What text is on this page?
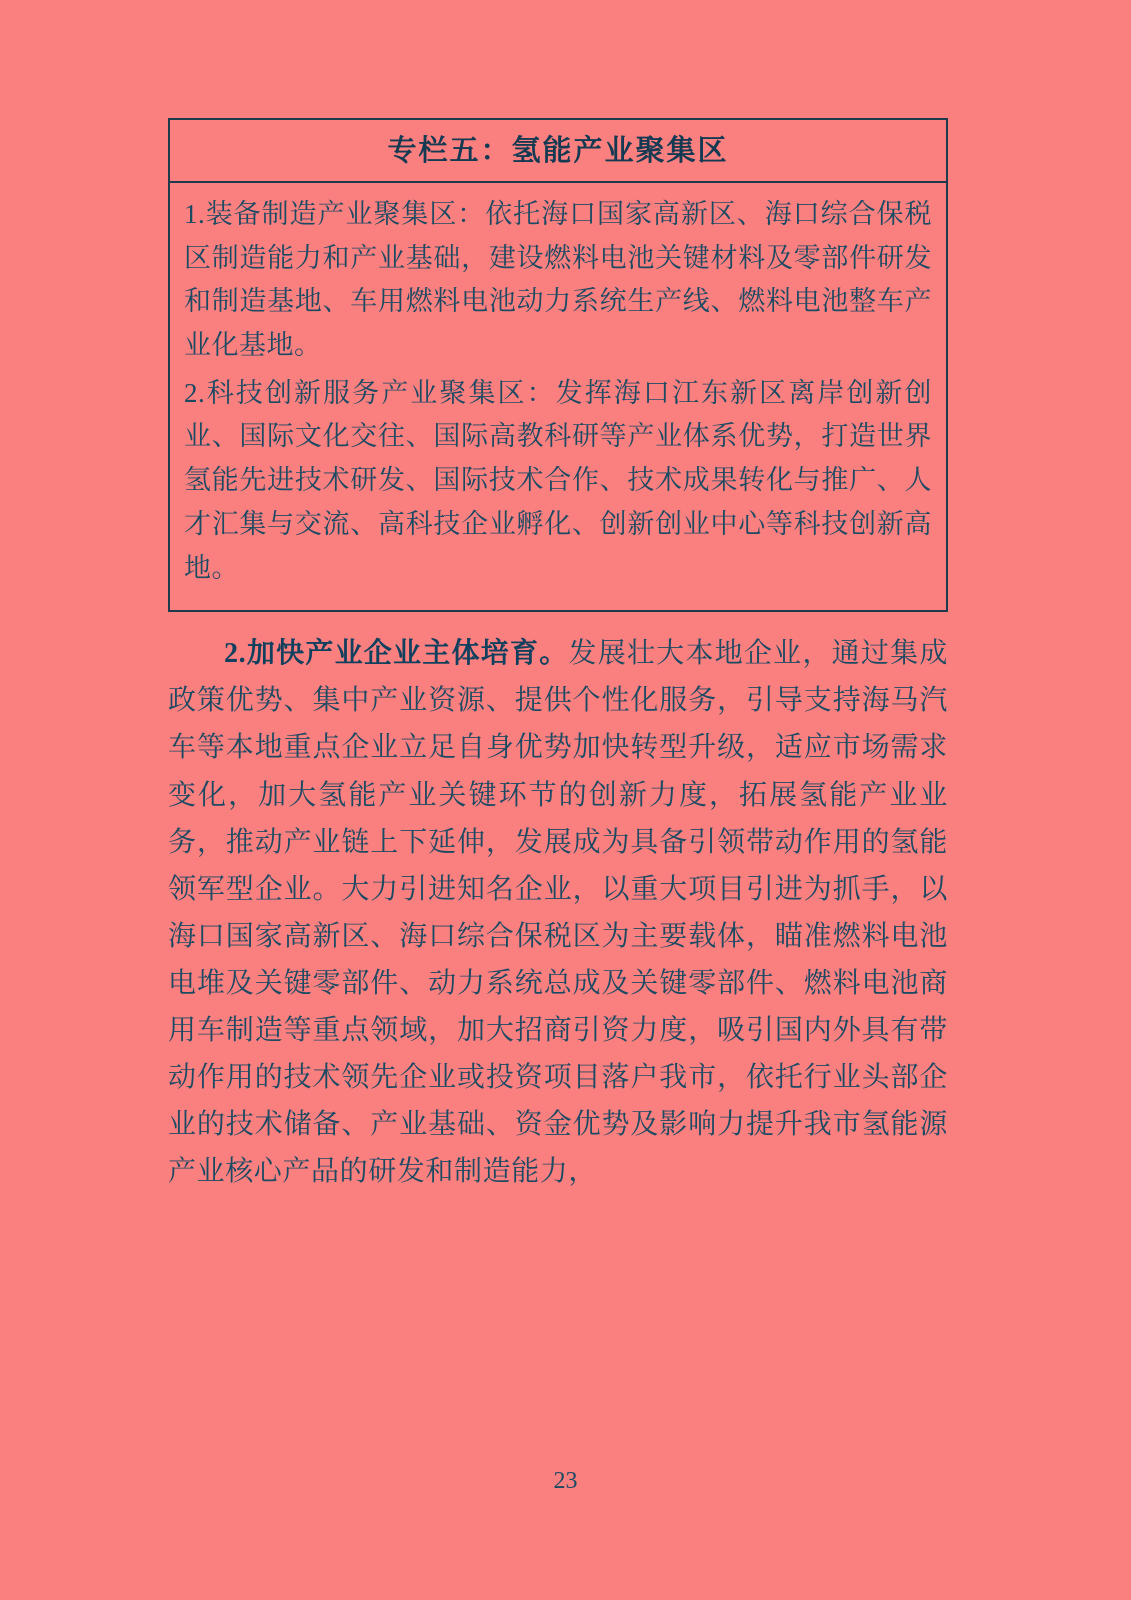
专栏五：氢能产业聚集区

1.装备制造产业聚集区：依托海口国家高新区、海口综合保税区制造能力和产业基础，建设燃料电池关键材料及零部件研发和制造基地、车用燃料电池动力系统生产线、燃料电池整车产业化基地。

2.科技创新服务产业聚集区：发挥海口江东新区离岸创新创业、国际文化交往、国际高教科研等产业体系优势，打造世界氢能先进技术研发、国际技术合作、技术成果转化与推广、人才汇集与交流、高科技企业孵化、创新创业中心等科技创新高地。

2.加快产业企业主体培育。发展壮大本地企业，通过集成政策优势、集中产业资源、提供个性化服务，引导支持海马汽车等本地重点企业立足自身优势加快转型升级，适应市场需求变化，加大氢能产业关键环节的创新力度，拓展氢能产业业务，推动产业链上下延伸，发展成为具备引领带动作用的氢能领军型企业。大力引进知名企业，以重大项目引进为抓手，以海口国家高新区、海口综合保税区为主要载体，瞄准燃料电池电堆及关键零部件、动力系统总成及关键零部件、燃料电池商用车制造等重点领域，加大招商引资力度，吸引国内外具有带动作用的技术领先企业或投资项目落户我市，依托行业头部企业的技术储备、产业基础、资金优势及影响力提升我市氢能源产业核心产品的研发和制造能力，

23
